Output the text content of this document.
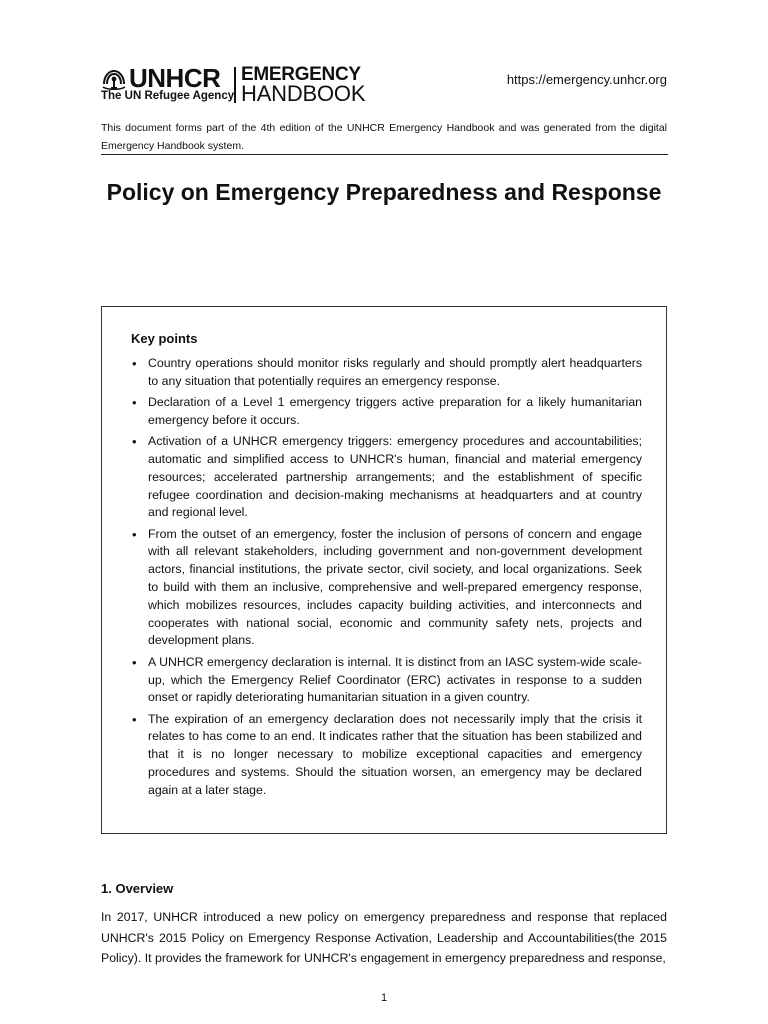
UNHCR
The UN Refugee Agency
EMERGENCY
HANDBOOK
https://emergency.unhcr.org
This document forms part of the 4th edition of the UNHCR Emergency Handbook and was generated from the digital Emergency Handbook system.
Policy on Emergency Preparedness and Response
Key points
• Country operations should monitor risks regularly and should promptly alert headquarters to any situation that potentially requires an emergency response.
• Declaration of a Level 1 emergency triggers active preparation for a likely humanitarian emergency before it occurs.
• Activation of a UNHCR emergency triggers: emergency procedures and accountabilities; automatic and simplified access to UNHCR's human, financial and material emergency resources; accelerated partnership arrangements; and the establishment of specific refugee coordination and decision-making mechanisms at headquarters and at country and regional level.
• From the outset of an emergency, foster the inclusion of persons of concern and engage with all relevant stakeholders, including government and non-government development actors, financial institutions, the private sector, civil society, and local organizations. Seek to build with them an inclusive, comprehensive and well-prepared emergency response, which mobilizes resources, includes capacity building activities, and interconnects and cooperates with national social, economic and community safety nets, projects and development plans.
• A UNHCR emergency declaration is internal. It is distinct from an IASC system-wide scale-up, which the Emergency Relief Coordinator (ERC) activates in response to a sudden onset or rapidly deteriorating humanitarian situation in a given country.
• The expiration of an emergency declaration does not necessarily imply that the crisis it relates to has come to an end. It indicates rather that the situation has been stabilized and that it is no longer necessary to mobilize exceptional capacities and emergency procedures and systems. Should the situation worsen, an emergency may be declared again at a later stage.
1. Overview
In 2017, UNHCR introduced a new policy on emergency preparedness and response that replaced UNHCR's 2015 Policy on Emergency Response Activation, Leadership and Accountabilities(the 2015 Policy). It provides the framework for UNHCR's engagement in emergency preparedness and response,
1
